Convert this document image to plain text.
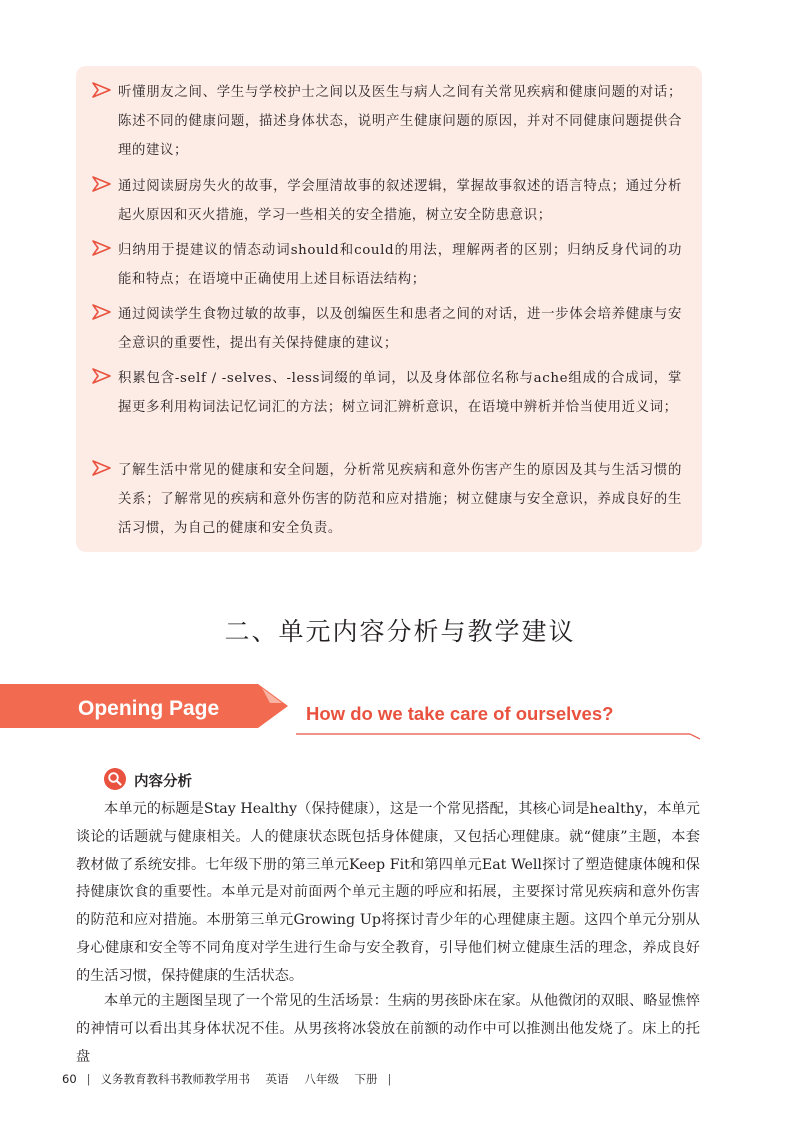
听懂朋友之间、学生与学校护士之间以及医生与病人之间有关常见疾病和健康问题的对话；陈述不同的健康问题，描述身体状态，说明产生健康问题的原因，并对不同健康问题提供合理的建议；

通过阅读厨房失火的故事，学会厘清故事的叙述逻辑，掌握故事叙述的语言特点；通过分析起火原因和灭火措施，学习一些相关的安全措施，树立安全防患意识；

归纳用于提建议的情态动词should和could的用法，理解两者的区别；归纳反身代词的功能和特点；在语境中正确使用上述目标语法结构；

通过阅读学生食物过敏的故事，以及创编医生和患者之间的对话，进一步体会培养健康与安全意识的重要性，提出有关保持健康的建议；

积累包含-self / -selves、-less词缀的单词，以及身体部位名称与ache组成的合成词，掌握更多利用构词法记忆词汇的方法；树立词汇辨析意识，在语境中辨析并恰当使用近义词；

了解生活中常见的健康和安全问题，分析常见疾病和意外伤害产生的原因及其与生活习惯的关系；了解常见的疾病和意外伤害的防范和应对措施；树立健康与安全意识，养成良好的生活习惯，为自己的健康和安全负责。

二、单元内容分析与教学建议
Opening Page	How do we take care of ourselves?
内容分析

本单元的标题是Stay Healthy（保持健康），这是一个常见搭配，其核心词是healthy，本单元谈论的话题就与健康相关。人的健康状态既包括身体健康，又包括心理健康。就“健康”主题，本套教材做了系统安排。七年级下册的第三单元Keep Fit和第四单元Eat Well探讨了塑造健康体魄和保持健康饮食的重要性。本单元是对前面两个单元主题的呼应和拓展，主要探讨常见疾病和意外伤害的防范和应对措施。本册第三单元Growing Up将探讨青少年的心理健康主题。这四个单元分别从身心健康和安全等不同角度对学生进行生命与安全教育，引导他们树立健康生活的理念，养成良好的生活习惯，保持健康的生活状态。

本单元的主题图呈现了一个常见的生活场景：生病的男孩卧床在家。从他微闭的双眼、略显憔悴的神情可以看出其身体状况不佳。从男孩将冰袋放在前额的动作中可以推测出他发烧了。床上的托盘

60 | 义务教育教科书教师教学用书 英语 八年级 下册 |
